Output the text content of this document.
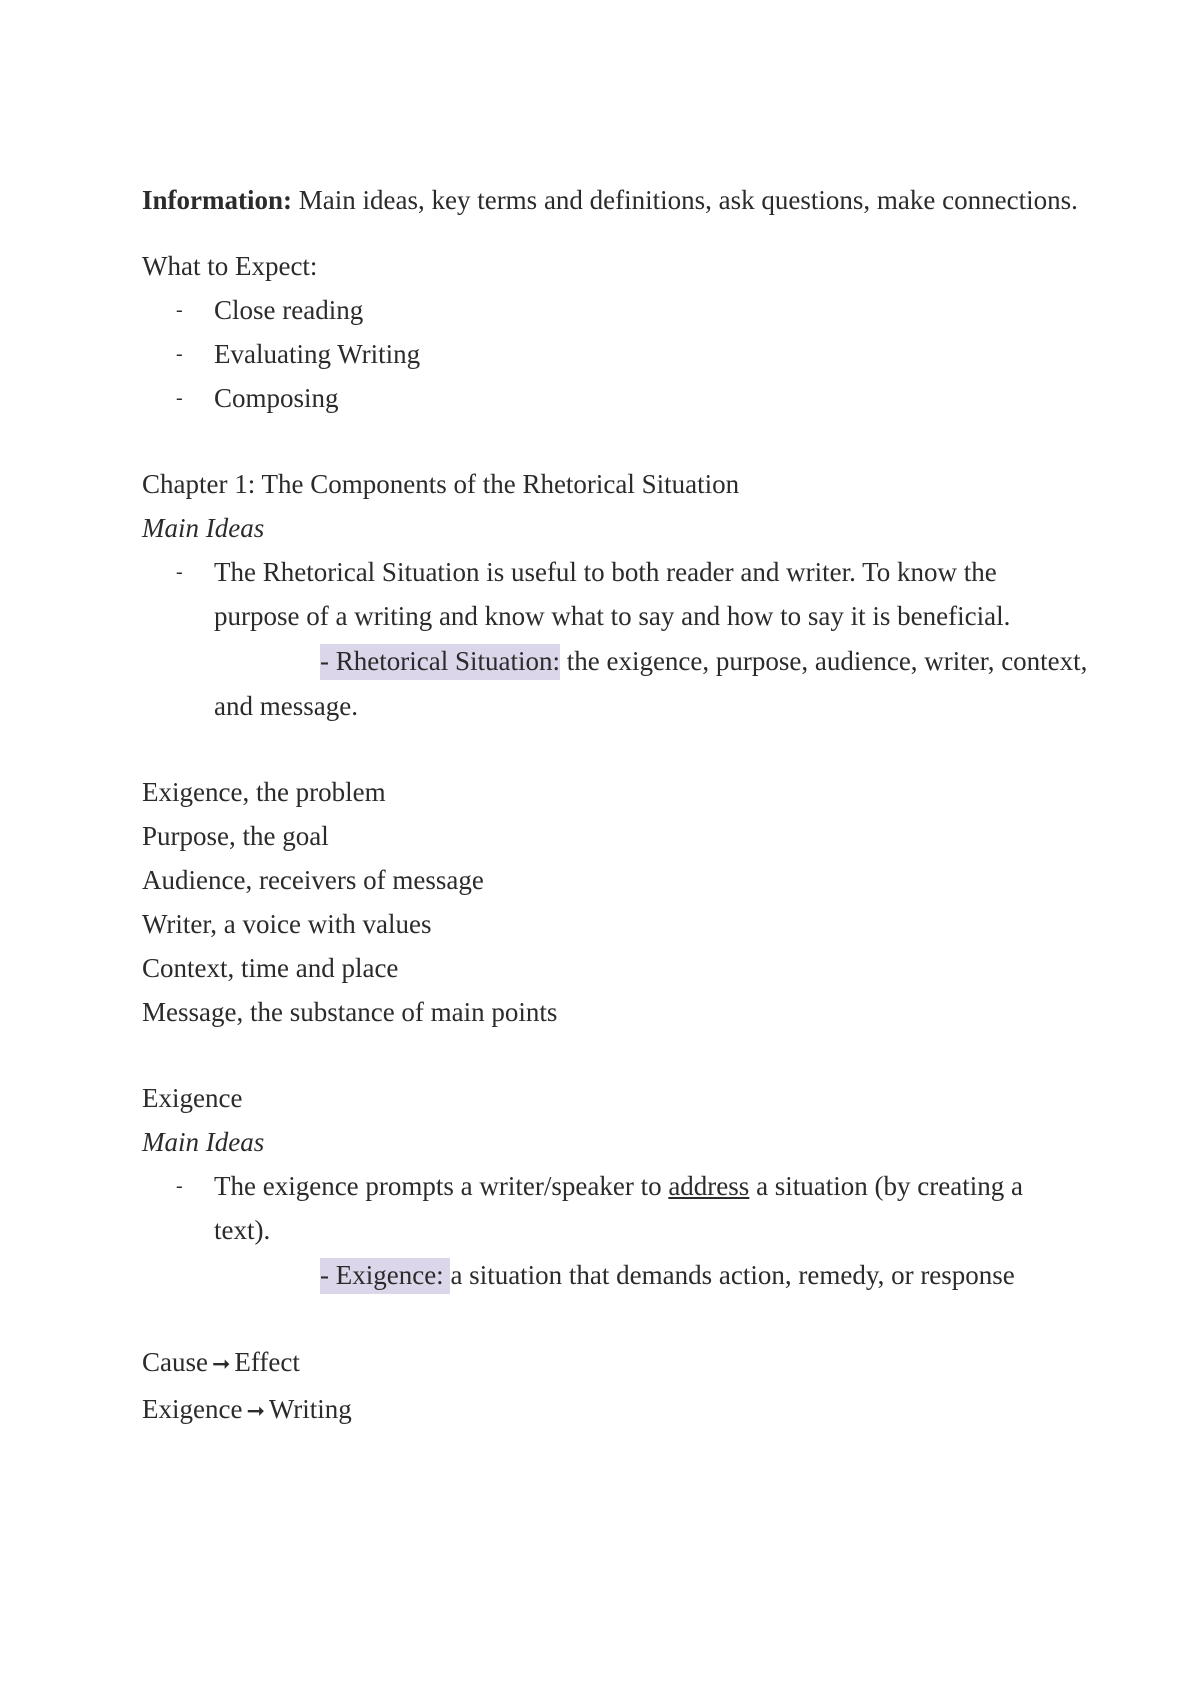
Information: Main ideas, key terms and definitions, ask questions, make connections.
What to Expect:
- Close reading
- Evaluating Writing
- Composing
Chapter 1: The Components of the Rhetorical Situation
Main Ideas
- The Rhetorical Situation is useful to both reader and writer. To know the purpose of a writing and know what to say and how to say it is beneficial.
- Rhetorical Situation: the exigence, purpose, audience, writer, context,
and message.
Exigence, the problem
Purpose, the goal
Audience, receivers of message
Writer, a voice with values
Context, time and place
Message, the substance of main points
Exigence
Main Ideas
- The exigence prompts a writer/speaker to address a situation (by creating a text).
- Exigence: a situation that demands action, remedy, or response
Cause ➞ Effect
Exigence ➞ Writing
